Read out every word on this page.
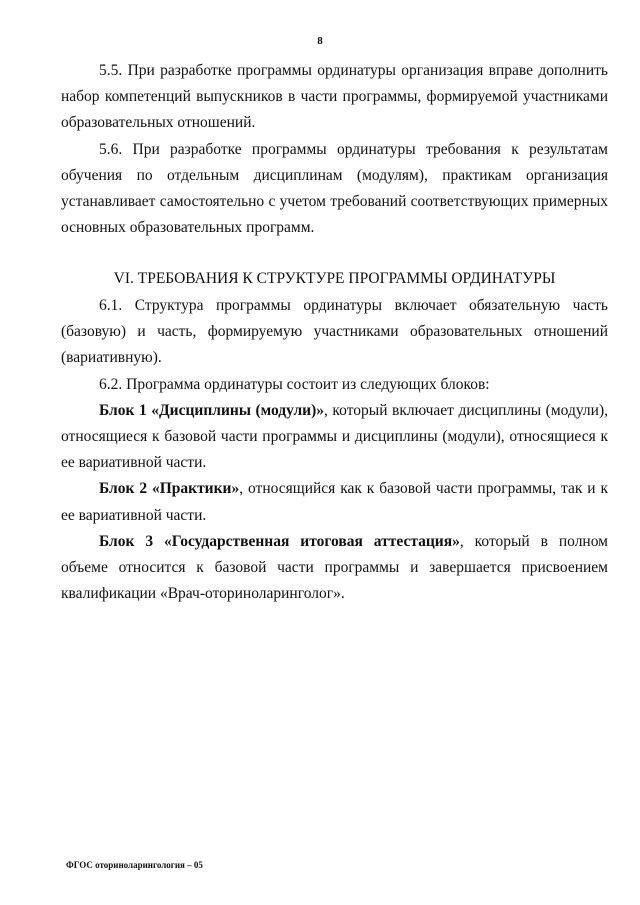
8

5.5. При разработке программы ординатуры организация вправе дополнить набор компетенций выпускников в части программы, формируемой участниками образовательных отношений.

5.6. При разработке программы ординатуры требования к результатам обучения по отдельным дисциплинам (модулям), практикам организация устанавливает самостоятельно с учетом требований соответствующих примерных основных образовательных программ.

VI. ТРЕБОВАНИЯ К СТРУКТУРЕ ПРОГРАММЫ ОРДИНАТУРЫ

6.1. Структура программы ординатуры включает обязательную часть (базовую) и часть, формируемую участниками образовательных отношений (вариативную).

6.2. Программа ординатуры состоит из следующих блоков:

Блок 1 «Дисциплины (модули)», который включает дисциплины (модули), относящиеся к базовой части программы и дисциплины (модули), относящиеся к ее вариативной части.

Блок 2 «Практики», относящийся как к базовой части программы, так и к ее вариативной части.

Блок 3 «Государственная итоговая аттестация», который в полном объеме относится к базовой части программы и завершается присвоением квалификации «Врач-оториноларинголог».

ФГОС оториноларингология – 05
